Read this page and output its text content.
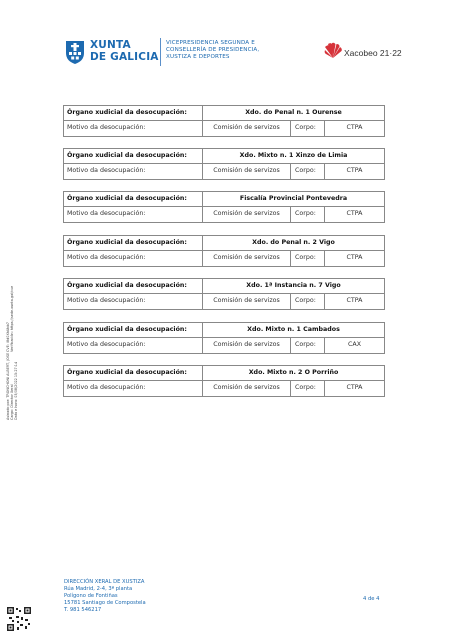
XUNTA
DE GALICIA
VICEPRESIDENCIA SEGUNDA E
CONSELLERÍA DE PRESIDENCIA,
XUSTIZA E DEPORTES	Xacobeo 21·22
Órgano xudicial da desocupación:	Xdo. do Penal n. 1 Ourense
Motivo da desocupación:	Comisión de servizos	Corpo:	CTPA
Órgano xudicial da desocupación:	Xdo. Mixto n. 1 Xinzo de Limia
Motivo da desocupación:	Comisión de servizos	Corpo:	CTPA
Órgano xudicial da desocupación:	Fiscalía Provincial Pontevedra
Motivo da desocupación:	Comisión de servizos	Corpo:	CTPA
Órgano xudicial da desocupación:	Xdo. do Penal n. 2 Vigo
Motivo da desocupación:	Comisión de servizos	Corpo:	CTPA
Órgano xudicial da desocupación:	Xdo. 1ª Instancia n. 7 Vigo
Motivo da desocupación:	Comisión de servizos	Corpo:	CTPA
Órgano xudicial da desocupación:	Xdo. Mixto n. 1 Cambados
Motivo da desocupación:	Comisión de servizos	Corpo:	CAX
Órgano xudicial da desocupación:	Xdo. Mixto n. 2 O Porriño
Motivo da desocupación:	Comisión de servizos	Corpo:	CTPA
CVE: i8d0XhUbb7 Verificación: https://sede.xunta.gal/cve
Asinado por: TRONCHONI ALBERT, JOSE Cargo: Director Xeral Data e hora: 03/08/2022 15:27:14
DIRECCIÓN XERAL DE XUSTIZA
Rúa Madrid, 2-4, 3ª planta
Polígono de Fontiñas
15781 Santiago de Compostela
T. 981 546217
4 de 4
